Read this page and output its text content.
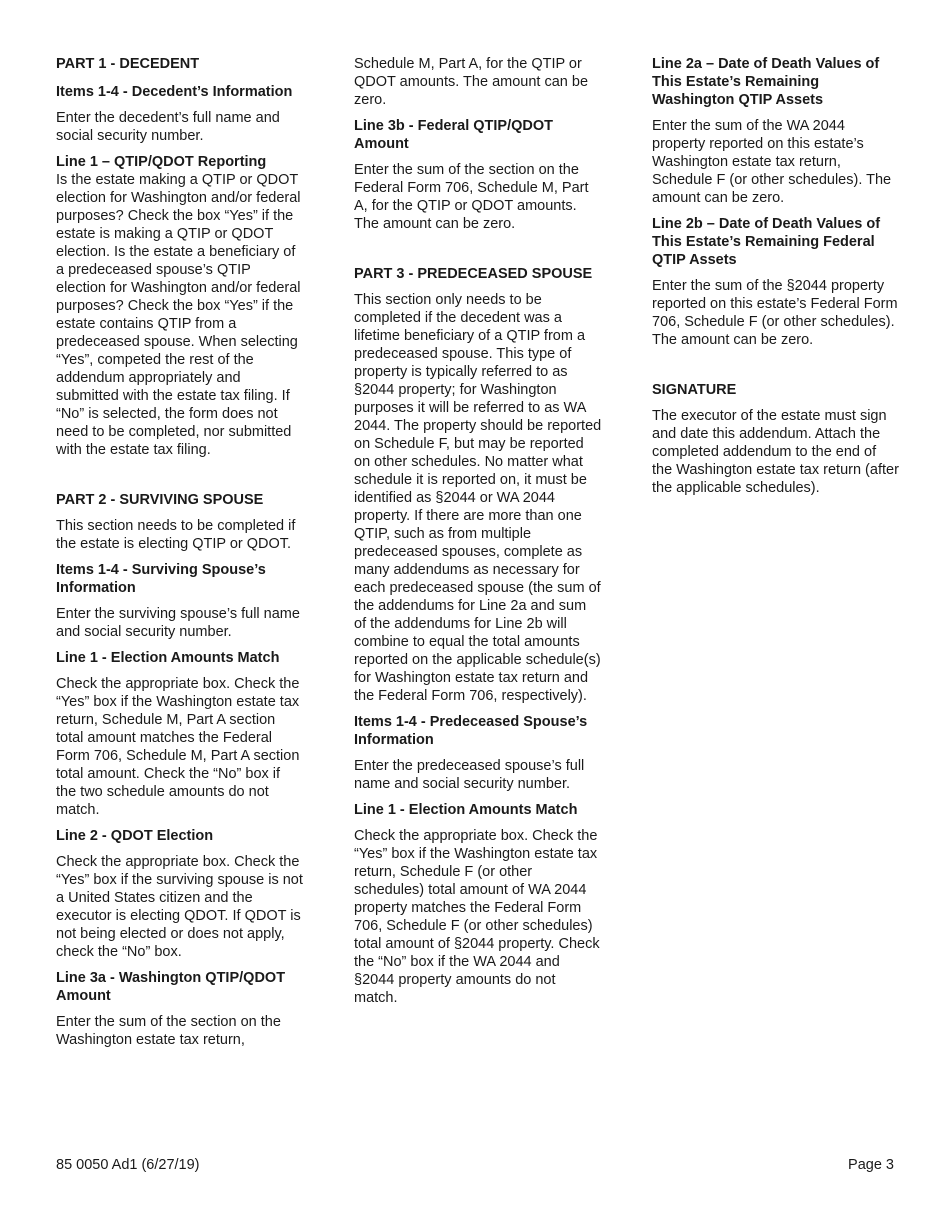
PART 1 - DECEDENT

Items 1-4 - Decedent’s Information

Enter the decedent’s full name and social security number.

Line 1 – QTIP/QDOT Reporting

Is the estate making a QTIP or QDOT election for Washington and/or federal purposes? Check the box “Yes” if the estate is making a QTIP or QDOT election. Is the estate a beneficiary of a predeceased spouse’s QTIP election for Washington and/or federal purposes? Check the box “Yes” if the estate contains QTIP from a predeceased spouse. When selecting “Yes”, competed the rest of the addendum appropriately and submitted with the estate tax filing. If “No” is selected, the form does not need to be completed, nor submitted with the estate tax filing.

PART 2 - SURVIVING SPOUSE

This section needs to be completed if the estate is electing QTIP or QDOT.

Items 1-4 - Surviving Spouse’s Information

Enter the surviving spouse’s full name and social security number.

Line 1 - Election Amounts Match

Check the appropriate box. Check the “Yes” box if the Washington estate tax return, Schedule M, Part A section total amount matches the Federal Form 706, Schedule M, Part A section total amount. Check the “No” box if the two schedule amounts do not match.

Line 2 - QDOT Election

Check the appropriate box. Check the “Yes” box if the surviving spouse is not a United States citizen and the executor is electing QDOT. If QDOT is not being elected or does not apply, check the “No” box.

Line 3a - Washington QTIP/QDOT Amount

Enter the sum of the section on the Washington estate tax return,

Schedule M, Part A, for the QTIP or QDOT amounts. The amount can be zero.

Line 3b - Federal QTIP/QDOT Amount

Enter the sum of the section on the Federal Form 706, Schedule M, Part A, for the QTIP or QDOT amounts. The amount can be zero.

PART 3 - PREDECEASED SPOUSE

This section only needs to be completed if the decedent was a lifetime beneficiary of a QTIP from a predeceased spouse. This type of property is typically referred to as §2044 property; for Washington purposes it will be referred to as WA 2044. The property should be reported on Schedule F, but may be reported on other schedules. No matter what schedule it is reported on, it must be identified as §2044 or WA 2044 property. If there are more than one QTIP, such as from multiple predeceased spouses, complete as many addendums as necessary for each predeceased spouse (the sum of the addendums for Line 2a and sum of the addendums for Line 2b will combine to equal the total amounts reported on the applicable schedule(s) for Washington estate tax return and the Federal Form 706, respectively).

Items 1-4 - Predeceased Spouse’s Information

Enter the predeceased spouse’s full name and social security number.

Line 1 - Election Amounts Match

Check the appropriate box. Check the “Yes” box if the Washington estate tax return, Schedule F (or other schedules) total amount of WA 2044 property matches the Federal Form 706, Schedule F (or other schedules) total amount of §2044 property. Check the “No” box if the WA 2044 and §2044 property amounts do not match.

Line 2a – Date of Death Values of This Estate’s Remaining Washington QTIP Assets

Enter the sum of the WA 2044 property reported on this estate’s Washington estate tax return, Schedule F (or other schedules). The amount can be zero.

Line 2b – Date of Death Values of This Estate’s Remaining Federal QTIP Assets

Enter the sum of the §2044 property reported on this estate’s Federal Form 706, Schedule F (or other schedules). The amount can be zero.

SIGNATURE

The executor of the estate must sign and date this addendum. Attach the completed addendum to the end of the Washington estate tax return (after the applicable schedules).

85 0050 Ad1 (6/27/19)	Page 3
